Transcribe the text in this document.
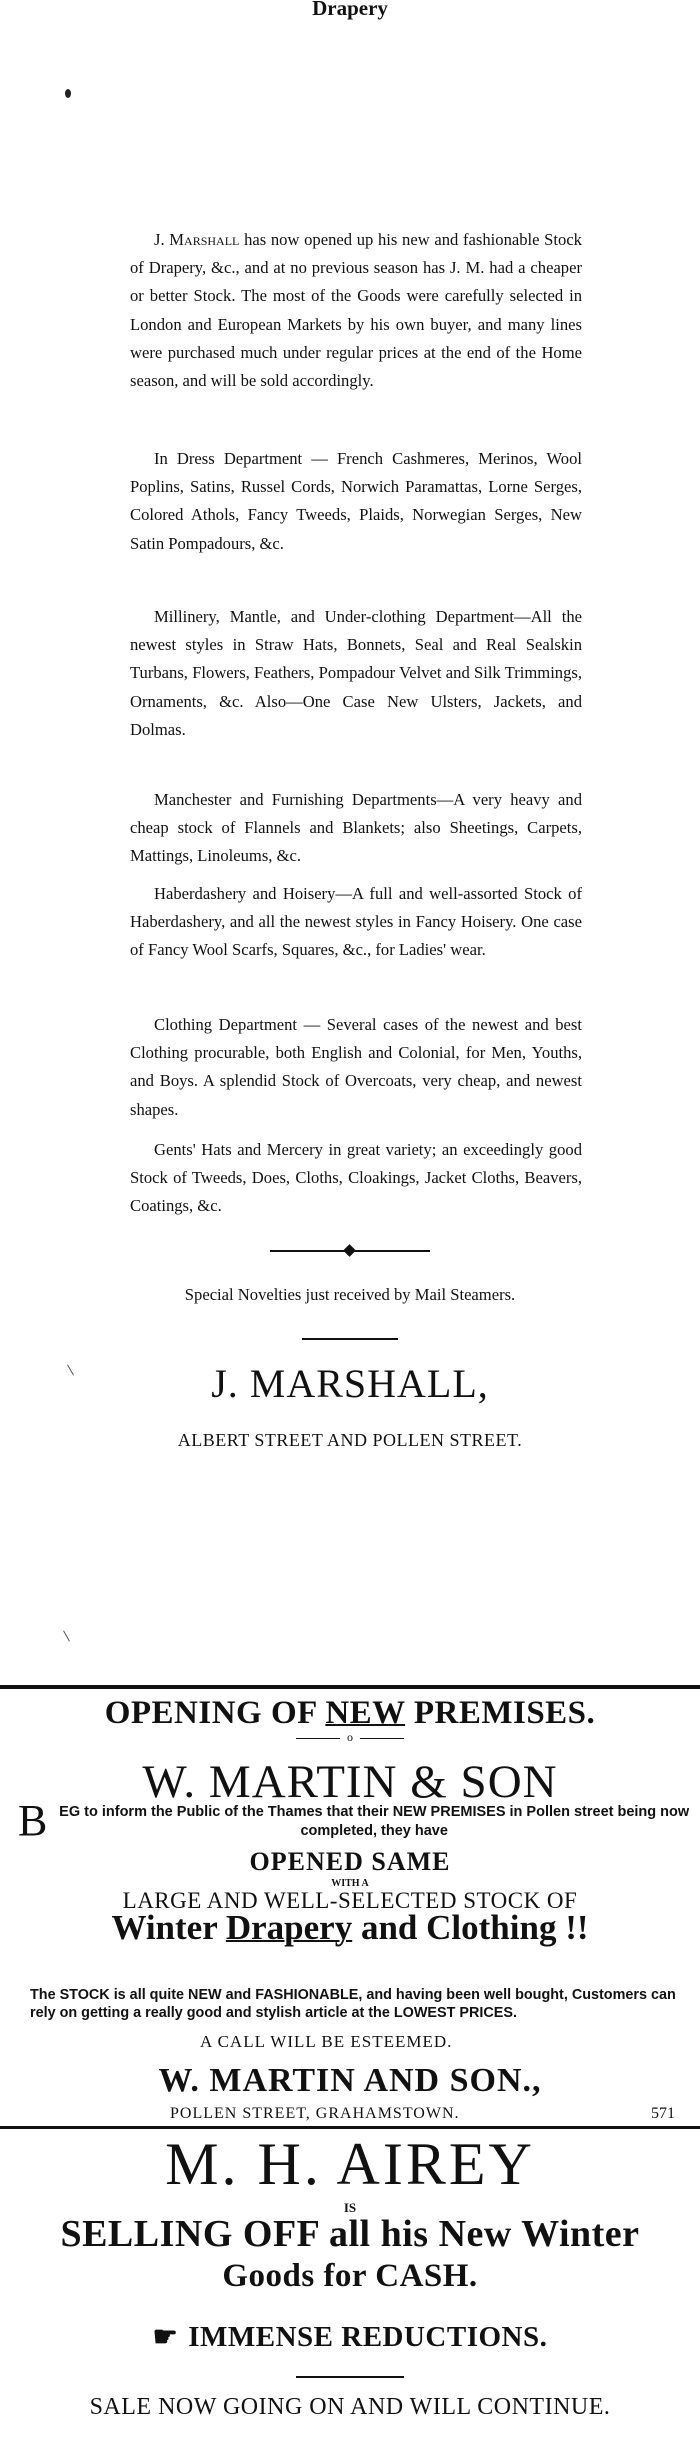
Drapery
J. Marshall has now opened up his new and fashionable Stock of Drapery, &c., and at no previous season has J. M. had a cheaper or better Stock. The most of the Goods were carefully selected in London and European Markets by his own buyer, and many lines were purchased much under regular prices at the end of the Home season, and will be sold accordingly.
In Dress Department — French Cashmeres, Merinos, Wool Poplins, Satins, Russel Cords, Norwich Paramattas, Lorne Serges, Colored Athols, Fancy Tweeds, Plaids, Norwegian Serges, New Satin Pompadours, &c.
Millinery, Mantle, and Under-clothing Department—All the newest styles in Straw Hats, Bonnets, Seal and Real Sealskin Turbans, Flowers, Feathers, Pompadour Velvet and Silk Trimmings, Ornaments, &c. Also—One Case New Ulsters, Jackets, and Dolmas.
Manchester and Furnishing Departments—A very heavy and cheap stock of Flannels and Blankets; also Sheetings, Carpets, Mattings, Linoleums, &c.
Haberdashery and Hoisery—A full and well-assorted Stock of Haberdashery, and all the newest styles in Fancy Hoisery. One case of Fancy Wool Scarfs, Squares, &c., for Ladies' wear.
Clothing Department — Several cases of the newest and best Clothing procurable, both English and Colonial, for Men, Youths, and Boys. A splendid Stock of Overcoats, very cheap, and newest shapes.
Gents' Hats and Mercery in great variety; an exceedingly good Stock of Tweeds, Does, Cloths, Cloakings, Jacket Cloths, Beavers, Coatings, &c.
Special Novelties just received by Mail Steamers.
J. MARSHALL,
ALBERT STREET AND POLLEN STREET.
OPENING OF NEW PREMISES.
o
W. MARTIN & SON
BEG to inform the Public of the Thames that their NEW PREMISES in Pollen street being now completed, they have
OPENED SAME
WITH A
LARGE AND WELL-SELECTED STOCK OF
Winter Drapery and Clothing !!
The STOCK is all quite NEW and FASHIONABLE, and having been well bought, Customers can rely on getting a really good and stylish article at the LOWEST PRICES.
A CALL WILL BE ESTEEMED.
W. MARTIN AND SON.,
POLLEN STREET, GRAHAMSTOWN.	571
M. H. AIREY
IS
SELLING OFF all his New Winter
Goods for CASH.
☛ IMMENSE REDUCTIONS.
SALE NOW GOING ON AND WILL CONTINUE.
